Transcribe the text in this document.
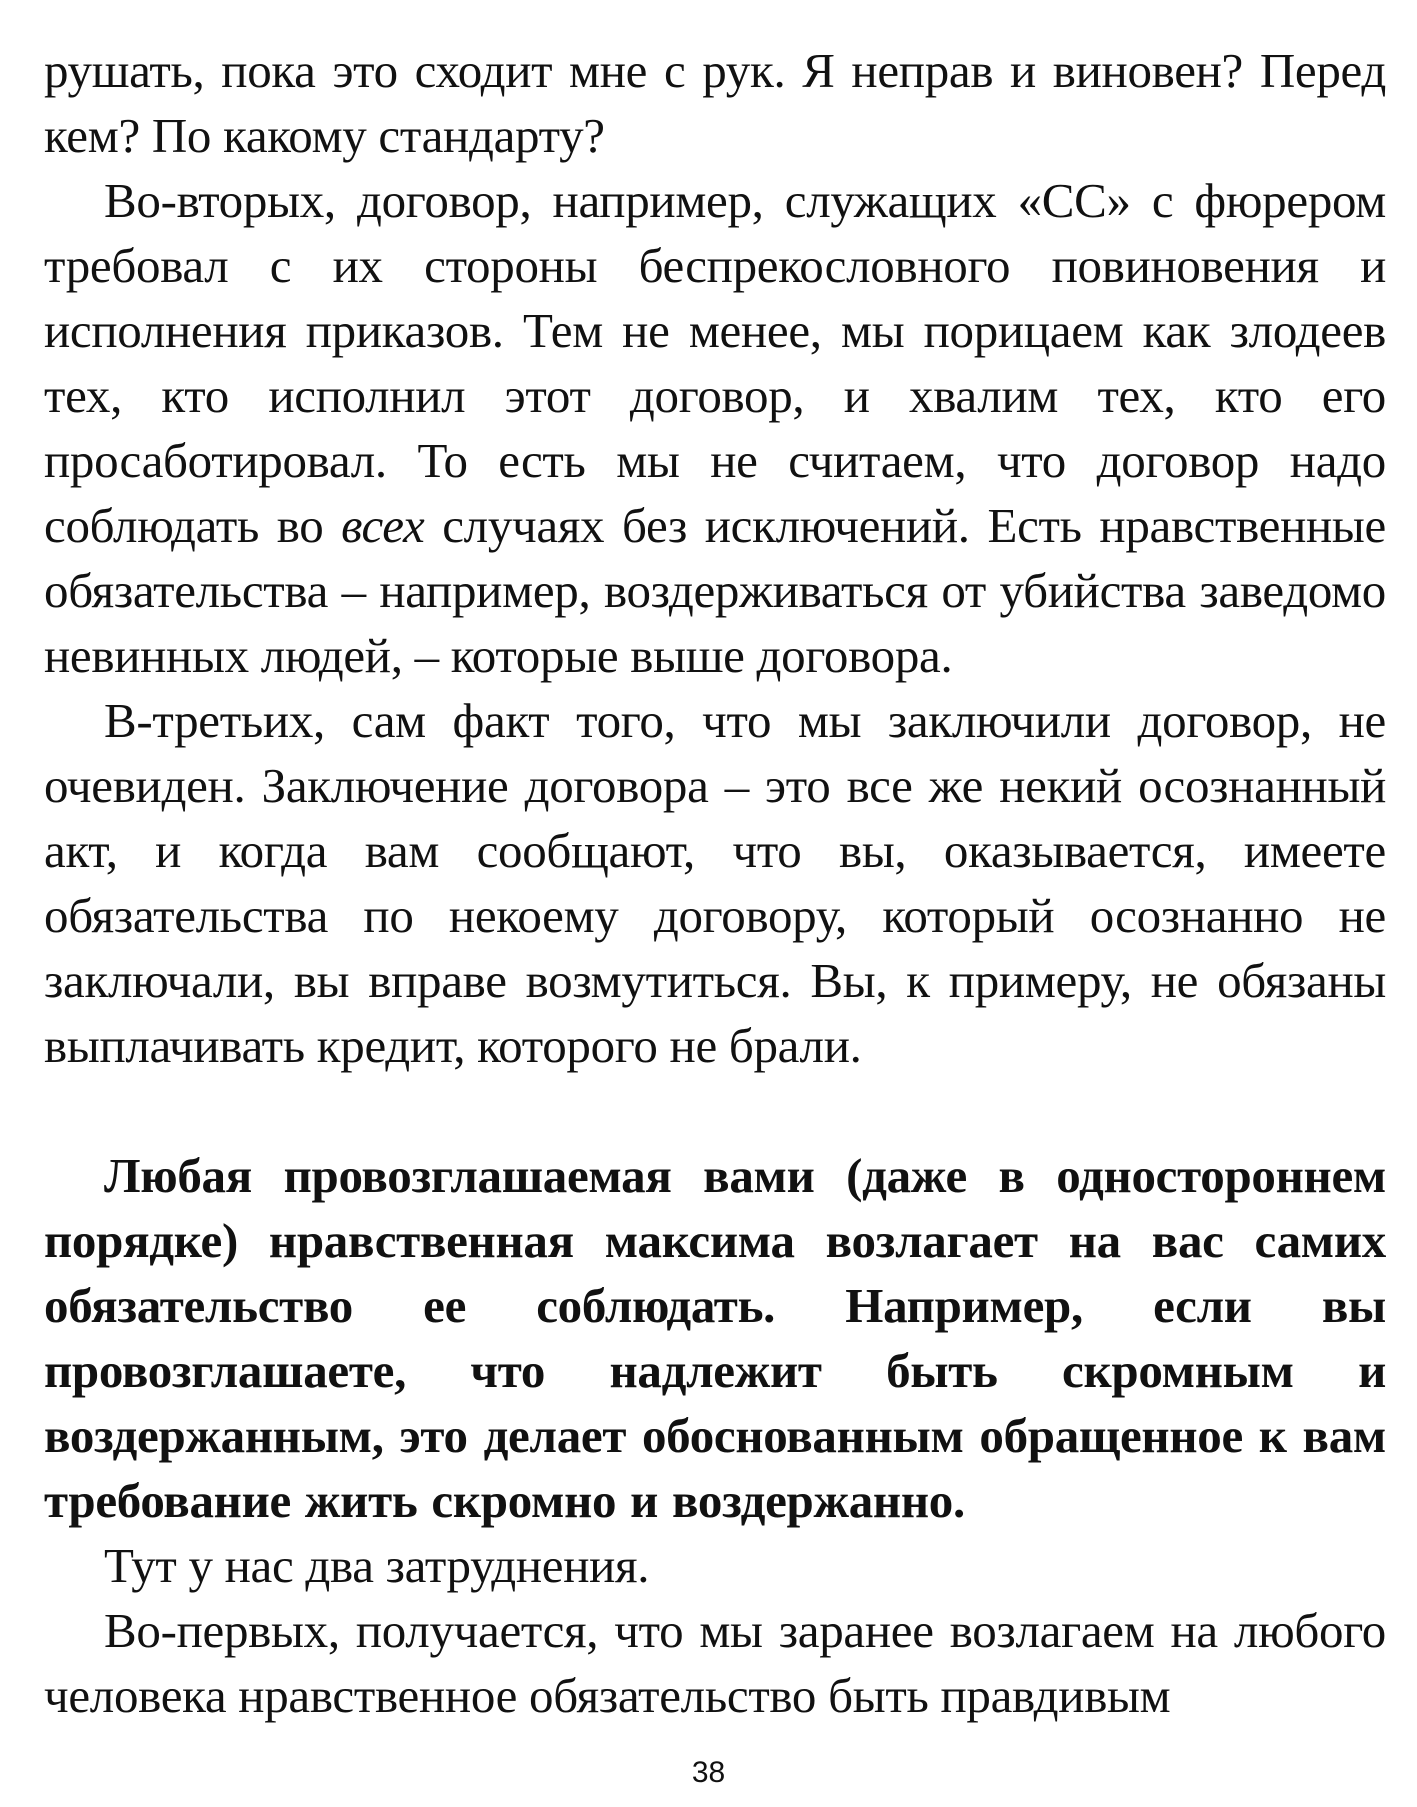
рушать, пока это сходит мне с рук. Я неправ и виновен? Перед кем? По какому стандарту?

Во-вторых, договор, например, служащих «СС» с фюрером требовал с их стороны беспрекословного повиновения и исполнения приказов. Тем не менее, мы порицаем как злодеев тех, кто исполнил этот договор, и хвалим тех, кто его просаботировал. То есть мы не считаем, что договор надо соблюдать во всех случаях без исключений. Есть нравственные обязательства – например, воздерживаться от убийства заведомо невинных людей, – которые выше договора.

В-третьих, сам факт того, что мы заключили договор, не очевиден. Заключение договора – это все же некий осознанный акт, и когда вам сообщают, что вы, оказывается, имеете обязательства по некоему договору, который осознанно не заключали, вы вправе возмутиться. Вы, к примеру, не обязаны выплачивать кредит, которого не брали.

Любая провозглашаемая вами (даже в одностороннем порядке) нравственная максима возлагает на вас самих обязательство ее соблюдать. Например, если вы провозглашаете, что надлежит быть скромным и воздержанным, это делает обоснованным обращенное к вам требование жить скромно и воздержанно.

Тут у нас два затруднения.

Во-первых, получается, что мы заранее возлагаем на любого человека нравственное обязательство быть правдивым

38
